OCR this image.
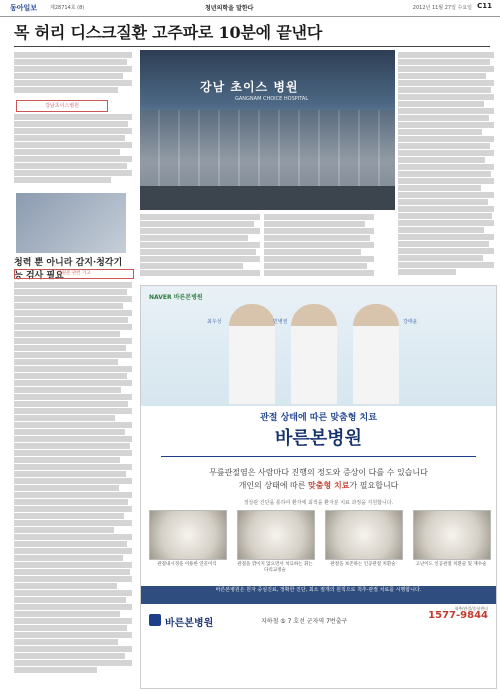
동아일보	제28714호 (8)	청년의학을 말한다	2012년 11월 27일 수요일 C11
목 허리 디스크질환 고주파로 10분에 끝낸다
강남초이스병원
청력 뿐 아니라 감지·청각기능 검사 필요
입원문 관련 기고
강남 초이스 병원
GANGNAM CHOICE HOSPITAL
NAVER 바른본병원
최우성	민병권	강태윤
관절 상태에 따른 맞춤형 치료
바른본병원
무릎관절염은 사람마다 진행의 정도와 증상이 다를 수 있습니다
개인의 상태에 따른 맞춤형 치료가 필요합니다
정상관 진단을 통하여 환자에 최적을 환자분 치료 과정을 지원합니다.
관절내시경을 이용한 연골이식	관절을 깎이지 않으면서 치료하는 휘는 다리교정술
관절을 보존하는 인공관절 치환술	고난이도 인공관절 치환술 및 재수술
바른본병원은 원자 중심진료, 정확한 진단, 최소 절개의 원칙으로 척추·관절 치료를 시행합니다.
바른본병원	지하철 ⑤ 7 호선 군자역 7번출구
척추/관절/종합센터
1577-9844
